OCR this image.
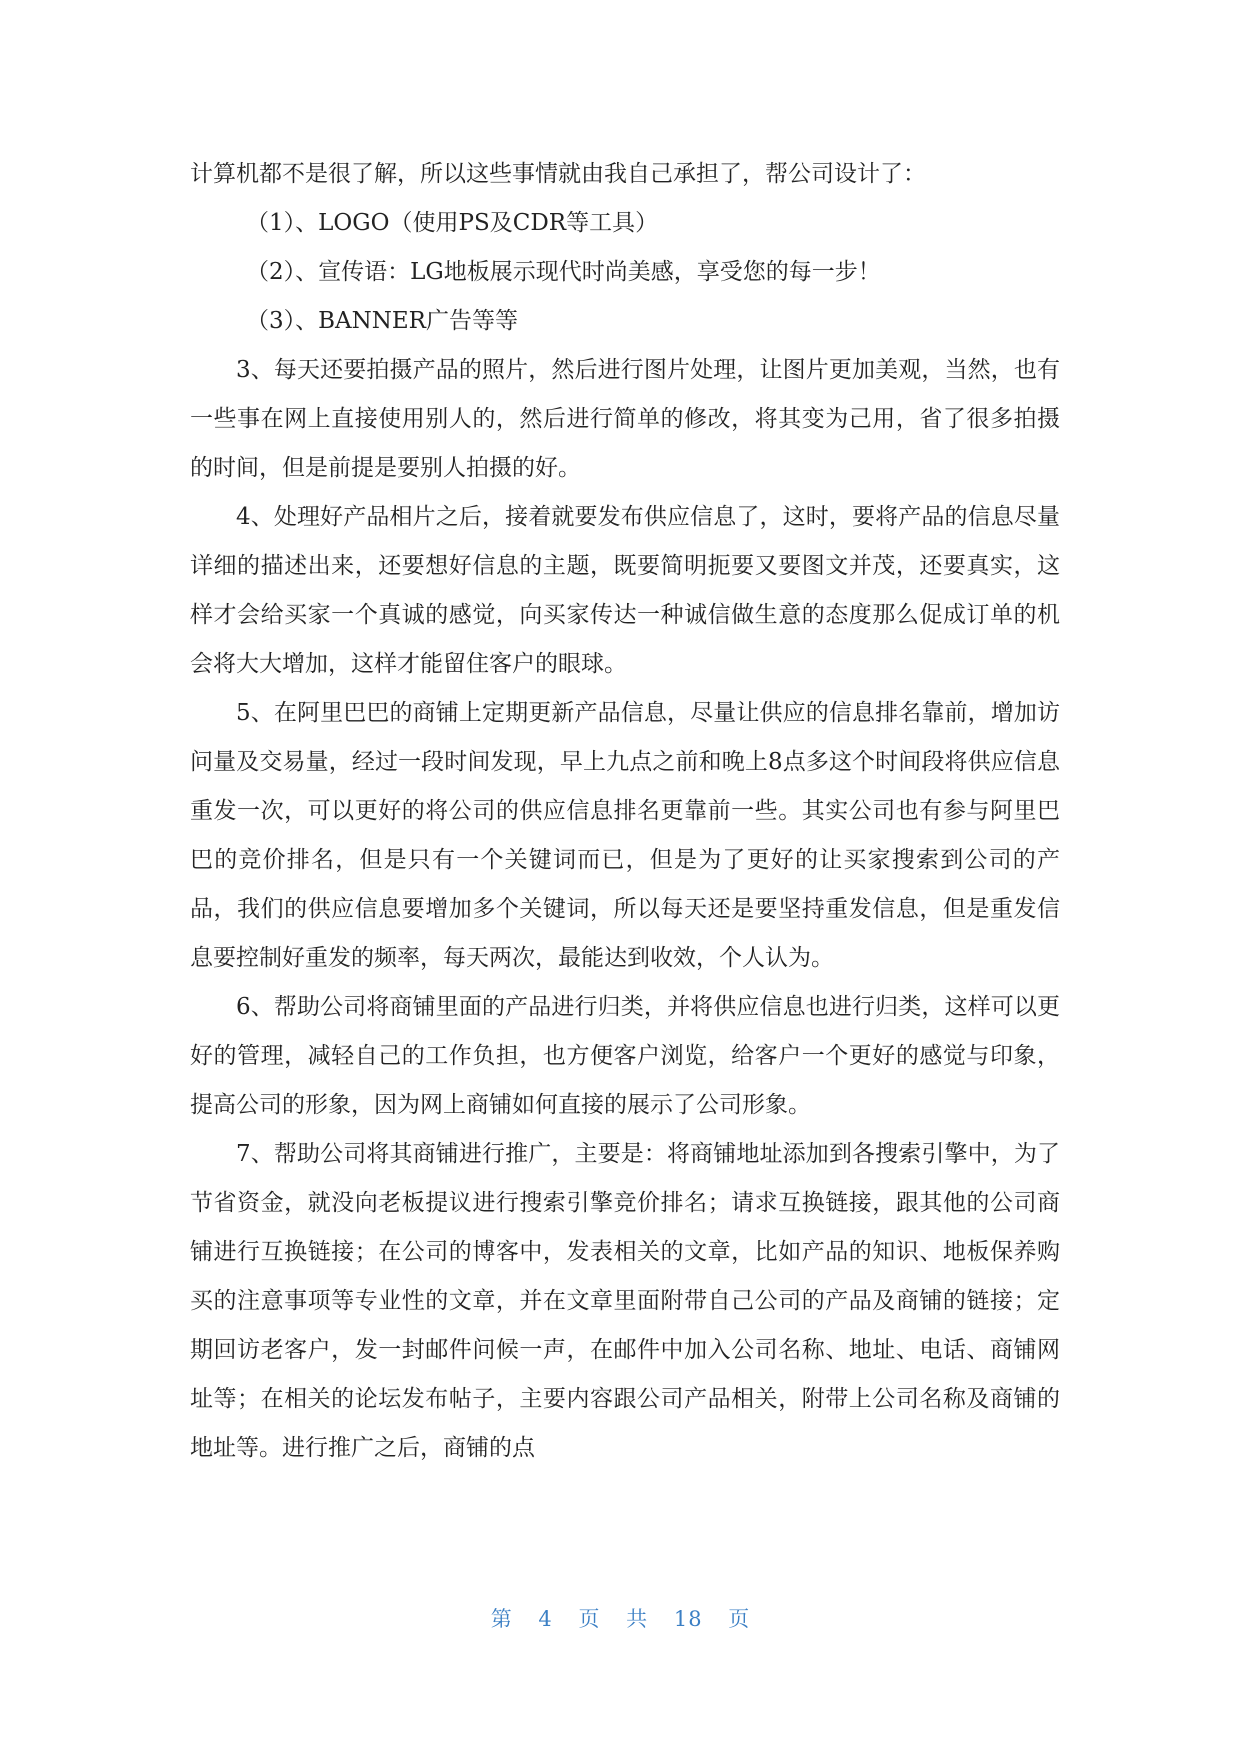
计算机都不是很了解，所以这些事情就由我自己承担了，帮公司设计了：

（1）、LOGO（使用PS及CDR等工具）

（2）、宣传语：LG地板展示现代时尚美感，享受您的每一步！

（3）、BANNER广告等等

3、每天还要拍摄产品的照片，然后进行图片处理，让图片更加美观，当然，也有一些事在网上直接使用别人的，然后进行简单的修改，将其变为己用，省了很多拍摄的时间，但是前提是要别人拍摄的好。

4、处理好产品相片之后，接着就要发布供应信息了，这时，要将产品的信息尽量详细的描述出来，还要想好信息的主题，既要简明扼要又要图文并茂，还要真实，这样才会给买家一个真诚的感觉，向买家传达一种诚信做生意的态度那么促成订单的机会将大大增加，这样才能留住客户的眼球。

5、在阿里巴巴的商铺上定期更新产品信息，尽量让供应的信息排名靠前，增加访问量及交易量，经过一段时间发现，早上九点之前和晚上8点多这个时间段将供应信息重发一次，可以更好的将公司的供应信息排名更靠前一些。其实公司也有参与阿里巴巴的竞价排名，但是只有一个关键词而已，但是为了更好的让买家搜索到公司的产品，我们的供应信息要增加多个关键词，所以每天还是要坚持重发信息，但是重发信息要控制好重发的频率，每天两次，最能达到收效，个人认为。

6、帮助公司将商铺里面的产品进行归类，并将供应信息也进行归类，这样可以更好的管理，减轻自己的工作负担，也方便客户浏览，给客户一个更好的感觉与印象，提高公司的形象，因为网上商铺如何直接的展示了公司形象。

7、帮助公司将其商铺进行推广，主要是：将商铺地址添加到各搜索引擎中，为了节省资金，就没向老板提议进行搜索引擎竞价排名；请求互换链接，跟其他的公司商铺进行互换链接；在公司的博客中，发表相关的文章，比如产品的知识、地板保养购买的注意事项等专业性的文章，并在文章里面附带自己公司的产品及商铺的链接；定期回访老客户，发一封邮件问候一声，在邮件中加入公司名称、地址、电话、商铺网址等；在相关的论坛发布帖子，主要内容跟公司产品相关，附带上公司名称及商铺的地址等。进行推广之后，商铺的点

第 4 页 共 18 页
